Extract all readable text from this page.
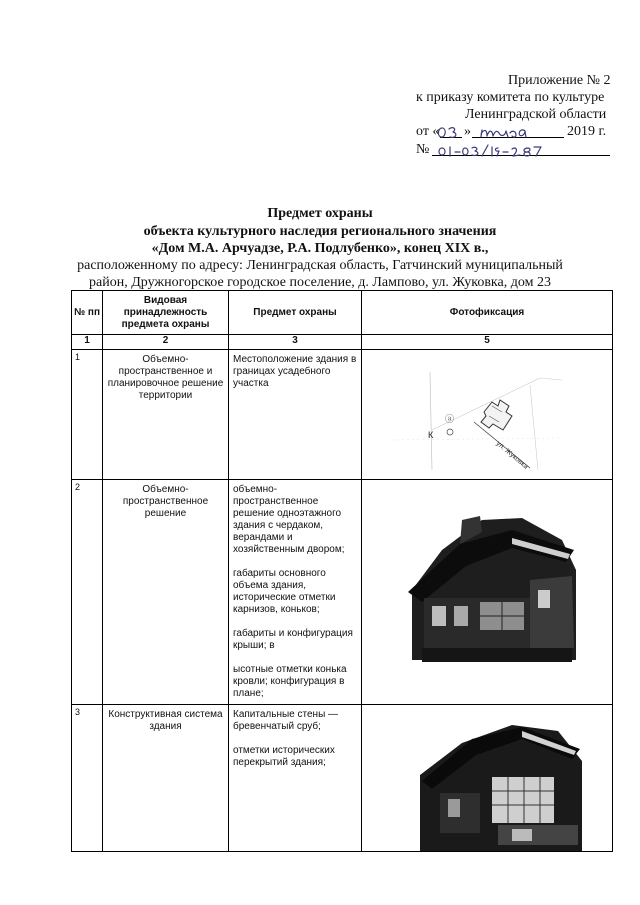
Приложение № 2
к приказу комитета по культуре
Ленинградской области
от « »	2019 г.
№
Предмет охраны
объекта культурного наследия регионального значения
«Дом М.А. Арчуадзе, Р.А. Подлубенко», конец XIX в.,
расположенному по адресу: Ленинградская область, Гатчинский муниципальный
район, Дружногорское городское поселение, д. Лампово, ул. Жуковка, дом 23
№ пп	Видовая принадлежность предмета охраны	Предмет охраны	Фотофиксация
1	2	3	5
1	Объемно-пространственное и планировочное решение территории	Местоположение здания в границах усадебного участка	ул. Жуковка
К
ⓐ

2	Объемно-пространственное решение	объемно-пространственное решение одноэтажного здания с чердаком, верандами и хозяйственным двором;

габариты основного объема здания, исторические отметки карнизов, коньков;

габариты и конфигурация крыши; в

ысотные отметки конька кровли; конфигурация в плане;

3	Конструктивная система здания	Капитальные стены — бревенчатый сруб;

отметки исторических перекрытий здания;
